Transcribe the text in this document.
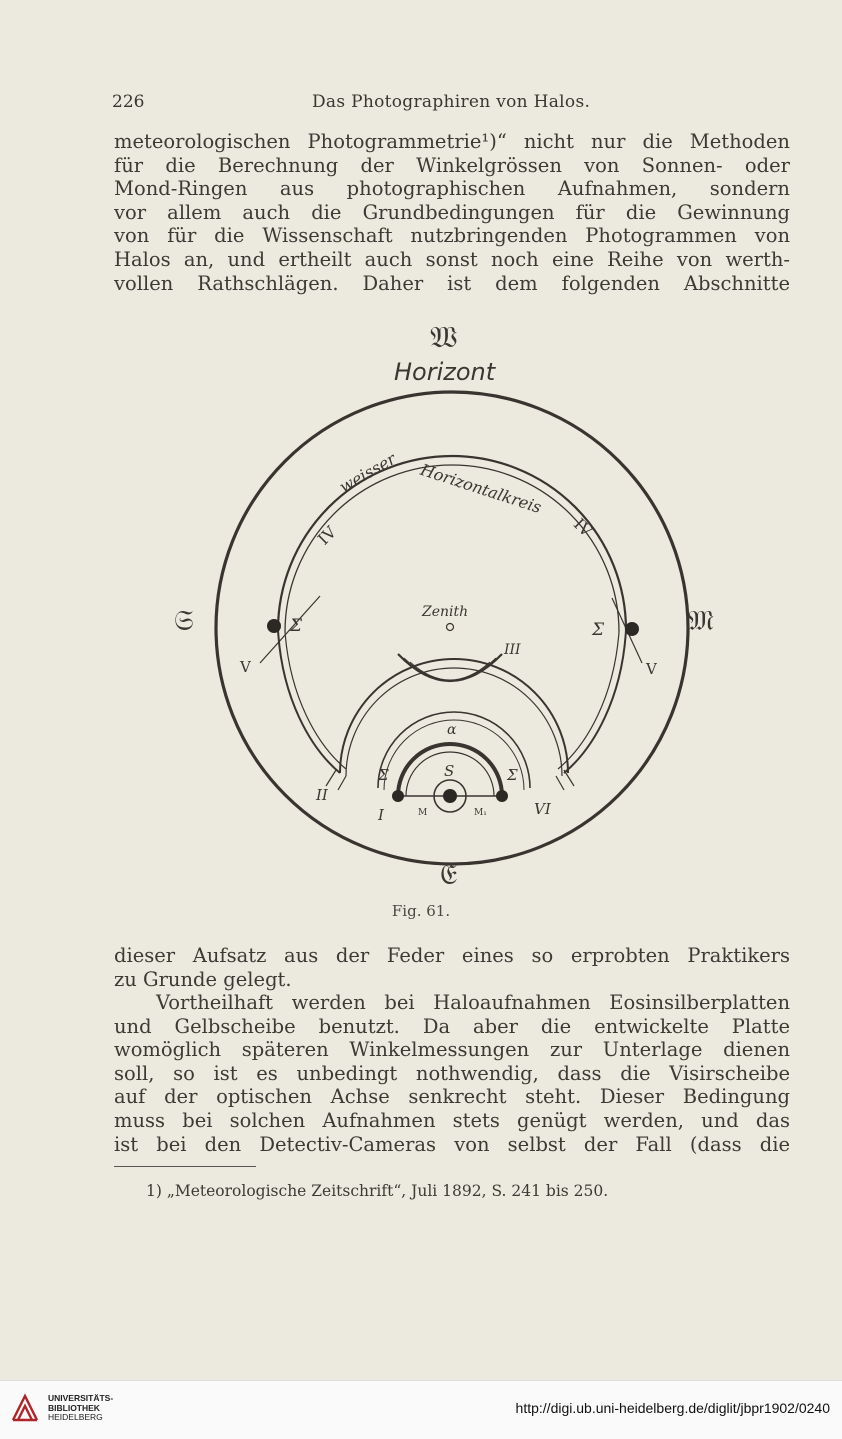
226	Das Photographiren von Halos.
meteorologischen Photogrammetrie¹)“ nicht nur die Methoden
für die Berechnung der Winkelgrössen von Sonnen- oder
Mond-Ringen aus photographischen Aufnahmen, sondern
vor allem auch die Grundbedingungen für die Gewinnung
von für die Wissenschaft nutzbringenden Photogrammen von
Halos an, und ertheilt auch sonst noch eine Reihe von werth-
vollen Rathschlägen. Daher ist dem folgenden Abschnitte
𝔚
Horizont
weisser Horizontalkreis
IV
IV
Zenith
𝔖	𝔐
𝔈
Σ	Σ
V	V
III
α
Σ	Σ
S
II
I	VI
M	M₁
Fig. 61.
dieser Aufsatz aus der Feder eines so erprobten Praktikers
zu Grunde gelegt.
Vortheilhaft werden bei Haloaufnahmen Eosinsilberplatten
und Gelbscheibe benutzt. Da aber die entwickelte Platte
womöglich späteren Winkelmessungen zur Unterlage dienen
soll, so ist es unbedingt nothwendig, dass die Visirscheibe
auf der optischen Achse senkrecht steht. Dieser Bedingung
muss bei solchen Aufnahmen stets genügt werden, und das
ist bei den Detectiv-Cameras von selbst der Fall (dass die
1) „Meteorologische Zeitschrift“, Juli 1892, S. 241 bis 250.
UNIVERSITÄTS-
BIBLIOTHEK
HEIDELBERG
http://digi.ub.uni-heidelberg.de/diglit/jbpr1902/0240
